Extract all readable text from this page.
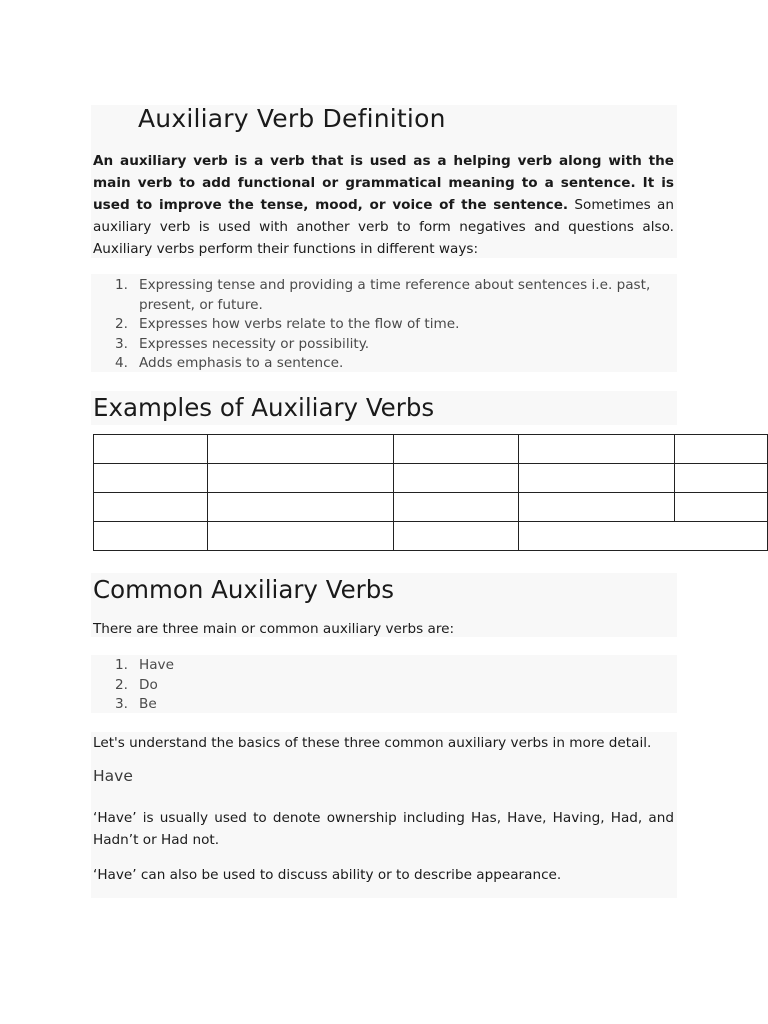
Auxiliary Verb Definition

An auxiliary verb is a verb that is used as a helping verb along with the main verb to add functional or grammatical meaning to a sentence. It is used to improve the tense, mood, or voice of the sentence. Sometimes an auxiliary verb is used with another verb to form negatives and questions also. Auxiliary verbs perform their functions in different ways:

1. Expressing tense and providing a time reference about sentences i.e. past,
present, or future.
2. Expresses how verbs relate to the flow of time.
3. Expresses necessity or possibility.
4. Adds emphasis to a sentence.
Examples of Auxiliary Verbs

Common Auxiliary Verbs

There are three main or common auxiliary verbs are:

1. Have
2. Do
3. Be

Let's understand the basics of these three common auxiliary verbs in more detail.

Have

‘Have’ is usually used to denote ownership including Has, Have, Having, Had, and Hadn’t or Had not.

‘Have’ can also be used to discuss ability or to describe appearance.
